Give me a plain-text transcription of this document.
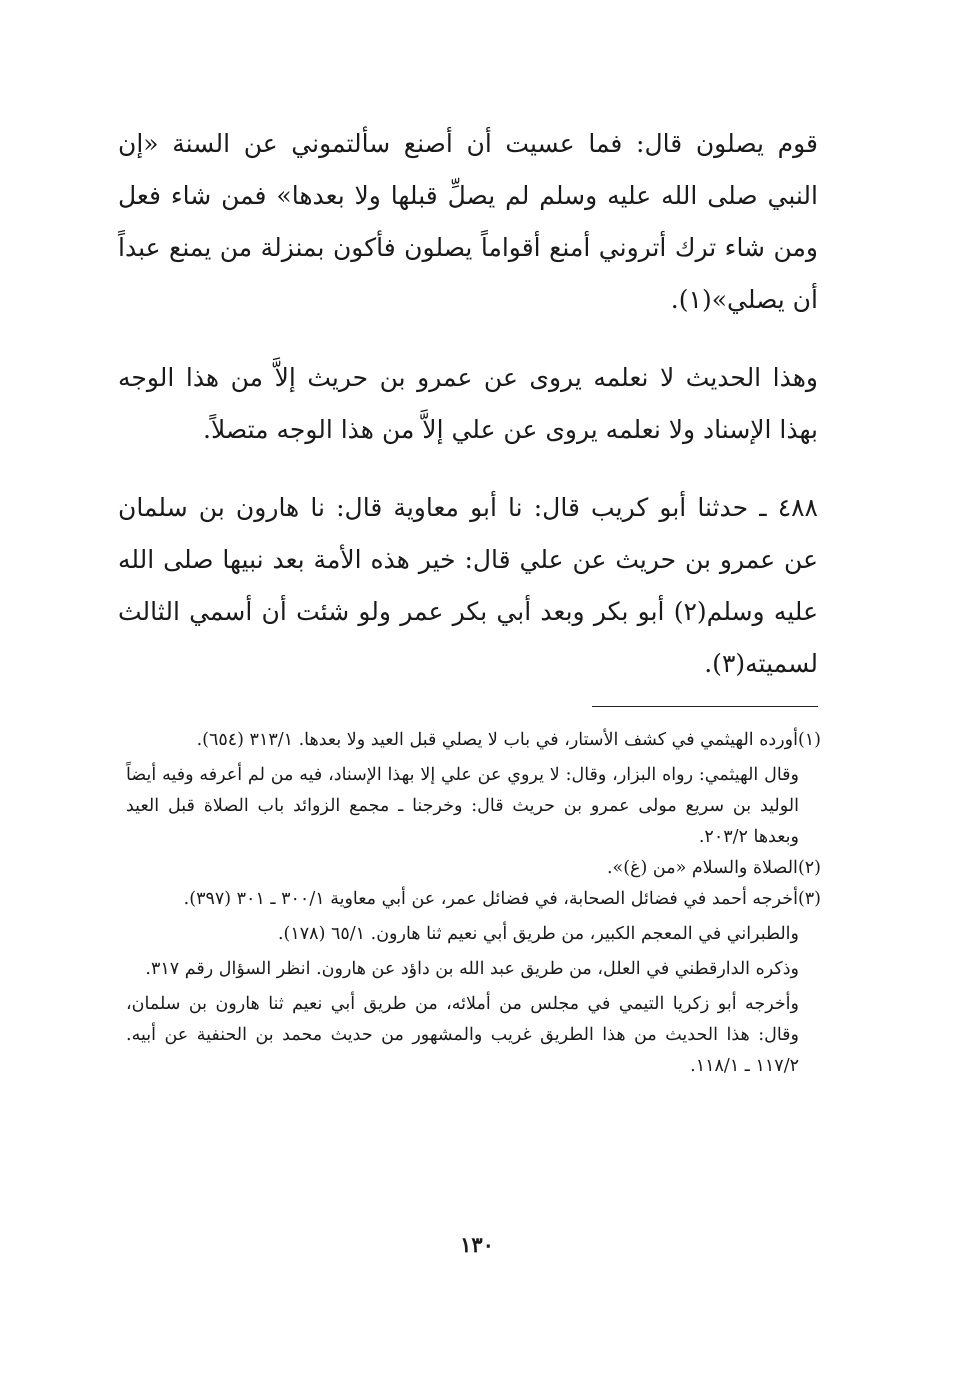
قوم يصلون قال: فما عسيت أن أصنع سألتموني عن السنة «إن النبي صلى الله عليه وسلم لم يصلِّ قبلها ولا بعدها» فمن شاء فعل ومن شاء ترك أتروني أمنع أقواماً يصلون فأكون بمنزلة من يمنع عبداً أن يصلي»(١).

وهذا الحديث لا نعلمه يروى عن عمرو بن حريث إلاَّ من هذا الوجه بهذا الإسناد ولا نعلمه يروى عن علي إلاَّ من هذا الوجه متصلاً.

٤٨٨ ـ حدثنا أبو كريب قال: نا أبو معاوية قال: نا هارون بن سلمان عن عمرو بن حريث عن علي قال: خير هذه الأمة بعد نبيها صلى الله عليه وسلم(٢) أبو بكر وبعد أبي بكر عمر ولو شئت أن أسمي الثالث لسميته(٣).

(١)
أورده الهيثمي في كشف الأستار، في باب لا يصلي قبل العيد ولا بعدها. ٣١٣/١ (٦٥٤).
وقال الهيثمي: رواه البزار، وقال: لا يروي عن علي إلا بهذا الإسناد، فيه من لم أعرفه وفيه أيضاً الوليد بن سريع مولى عمرو بن حريث قال: وخرجنا ـ مجمع الزوائد باب الصلاة قبل العيد وبعدها ٢٠٣/٢.
(٢)
الصلاة والسلام «من (غ)».
(٣)
أخرجه أحمد في فضائل الصحابة، في فضائل عمر، عن أبي معاوية ٣٠٠/١ ـ ٣٠١ (٣٩٧).
والطبراني في المعجم الكبير، من طريق أبي نعيم ثنا هارون. ٦٥/١ (١٧٨).
وذكره الدارقطني في العلل، من طريق عبد الله بن داؤد عن هارون. انظر السؤال رقم ٣١٧.
وأخرجه أبو زكريا التيمي في مجلس من أملائه، من طريق أبي نعيم ثنا هارون بن سلمان، وقال: هذا الحديث من هذا الطريق غريب والمشهور من حديث محمد بن الحنفية عن أبيه. ١١٧/٢ ـ ١١٨/١.
١٣٠
